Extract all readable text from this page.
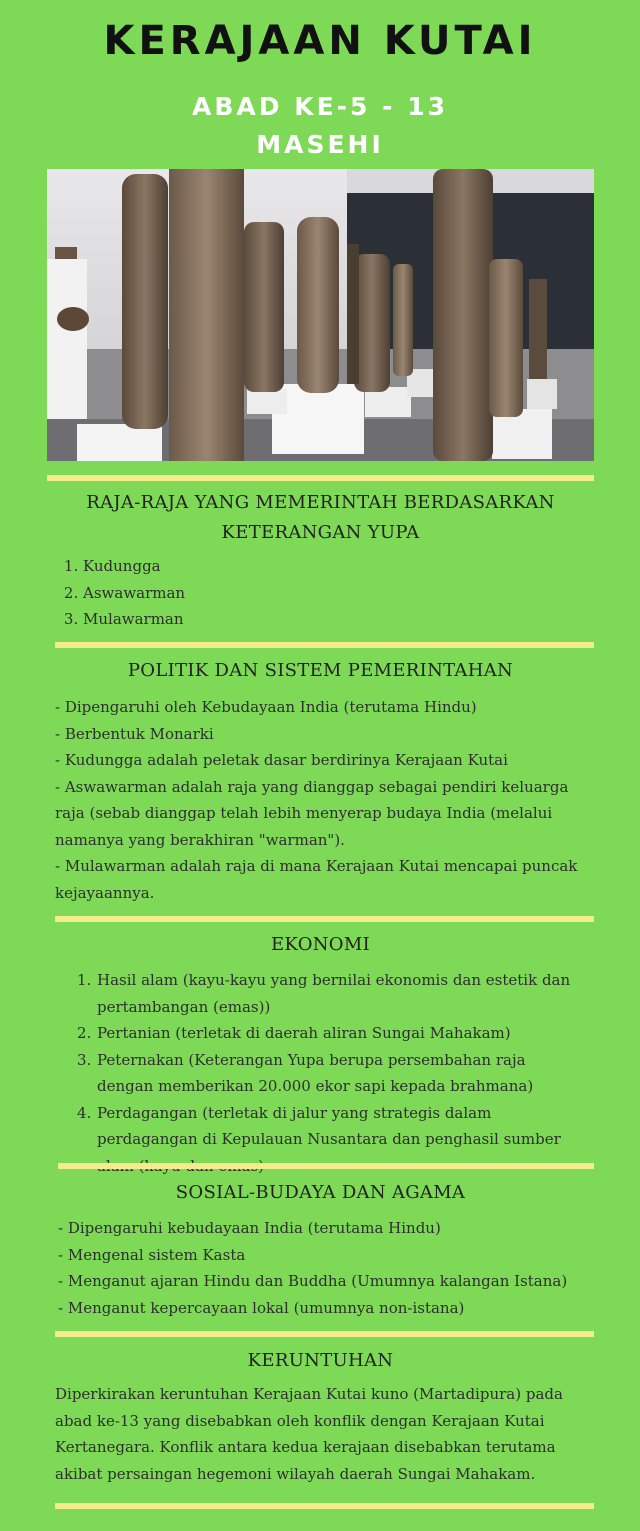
KERAJAAN KUTAI
ABAD KE-5 - 13
MASEHI
RAJA-RAJA YANG MEMERINTAH BERDASARKAN KETERANGAN YUPA
1. Kudungga
2. Aswawarman
3. Mulawarman
POLITIK DAN SISTEM PEMERINTAHAN

- Dipengaruhi oleh Kebudayaan India (terutama Hindu)

- Berbentuk Monarki

- Kudungga adalah peletak dasar berdirinya Kerajaan Kutai

- Aswawarman adalah raja yang dianggap sebagai pendiri keluarga raja (sebab dianggap telah lebih menyerap budaya India (melalui namanya yang berakhiran "warman").

- Mulawarman adalah raja di mana Kerajaan Kutai mencapai puncak kejayaannya.

EKONOMI
1. Hasil alam (kayu-kayu yang bernilai ekonomis dan estetik dan pertambangan (emas))
2. Pertanian (terletak di daerah aliran Sungai Mahakam)
3. Peternakan (Keterangan Yupa berupa persembahan raja dengan memberikan 20.000 ekor sapi kepada brahmana)
4. Perdagangan (terletak di jalur yang strategis dalam perdagangan di Kepulauan Nusantara dan penghasil sumber
SOSIAL-BUDAYA DAN AGAMA

- Dipengaruhi kebudayaan India (terutama Hindu)

- Mengenal sistem Kasta

- Menganut ajaran Hindu dan Buddha (Umumnya kalangan Istana)

- Menganut kepercayaan lokal (umumnya non-istana)

KERUNTUHAN
Diperkirakan keruntuhan Kerajaan Kutai kuno (Martadipura) pada abad ke-13 yang disebabkan oleh konflik dengan Kerajaan Kutai Kertanegara. Konflik antara kedua kerajaan disebabkan terutama akibat persaingan hegemoni wilayah daerah Sungai Mahakam.
